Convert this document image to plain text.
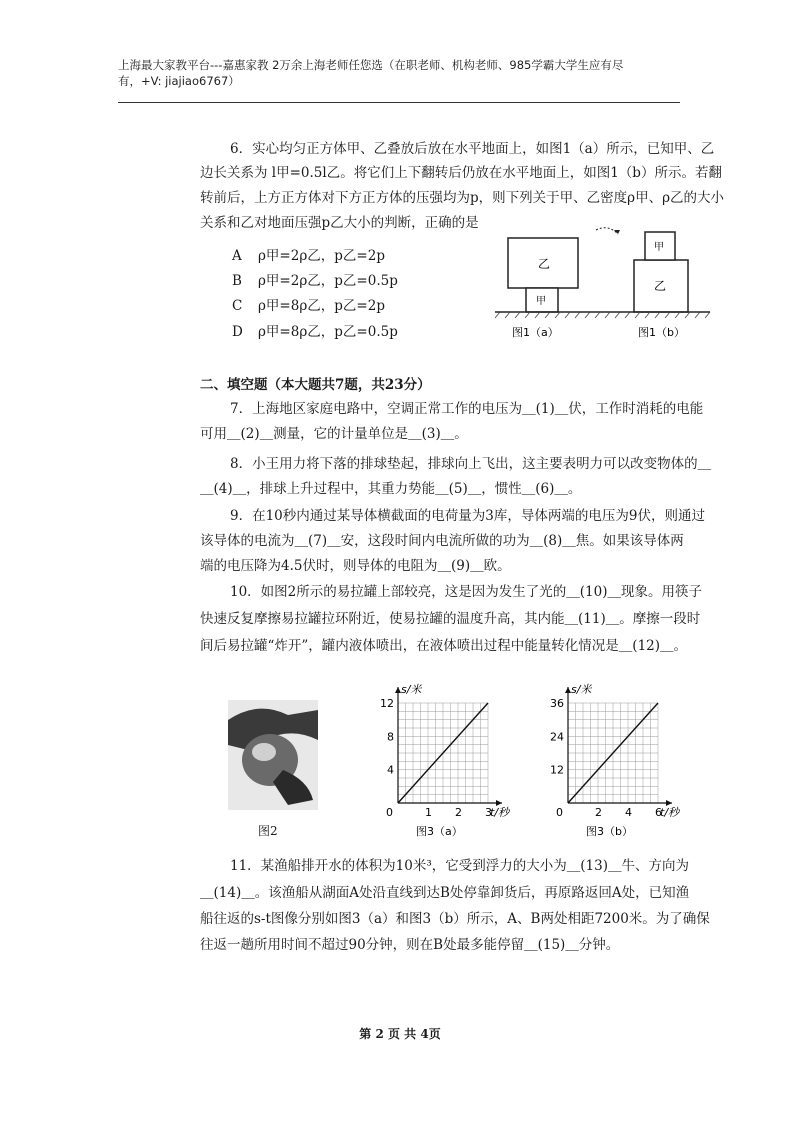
上海最大家教平台---嘉惠家教 2万余上海老师任您选（在职老师、机构老师、985学霸大学生应有尽
有，+V: jiajiao6767）
6．实心均匀正方体甲、乙叠放后放在水平地面上，如图1（a）所示，已知甲、乙
边长关系为 l甲=0.5l乙。将它们上下翻转后仍放在水平地面上，如图1（b）所示。若翻
转前后，上方正方体对下方正方体的压强均为p，则下列关于甲、乙密度ρ甲、ρ乙的大小
关系和乙对地面压强p乙大小的判断，正确的是
A ρ甲=2ρ乙，p乙=2p
B ρ甲=2ρ乙，p乙=0.5p
C ρ甲=8ρ乙，p乙=2p
D ρ甲=8ρ乙，p乙=0.5p
乙
甲
乙
甲
图1（a）	图1（b）
二、填空题（本大题共7题，共23分）
7．上海地区家庭电路中，空调正常工作的电压为＿(1)＿伏，工作时消耗的电能
可用＿(2)＿测量，它的计量单位是＿(3)＿。
8．小王用力将下落的排球垫起，排球向上飞出，这主要表明力可以改变物体的＿
＿(4)＿，排球上升过程中，其重力势能＿(5)＿，惯性＿(6)＿。
9．在10秒内通过某导体横截面的电荷量为3库，导体两端的电压为9伏，则通过
该导体的电流为＿(7)＿安，这段时间内电流所做的功为＿(8)＿焦。如果该导体两
端的电压降为4.5伏时，则导体的电阻为＿(9)＿欧。
10．如图2所示的易拉罐上部较亮，这是因为发生了光的＿(10)＿现象。用筷子
快速反复摩擦易拉罐拉环附近，使易拉罐的温度升高，其内能＿(11)＿。摩擦一段时
间后易拉罐“炸开”，罐内液体喷出，在液体喷出过程中能量转化情况是＿(12)＿。
图2
1 2 3
4
8
12
0	t/秒
s/米
图3（a）
2 4 6
12
24
36
0	t/秒
s/米
图3（b）
11．某渔船排开水的体积为10米³，它受到浮力的大小为＿(13)＿牛、方向为
＿(14)＿。该渔船从湖面A处沿直线到达B处停靠卸货后，再原路返回A处，已知渔
船往返的s-t图像分别如图3（a）和图3（b）所示，A、B两处相距7200米。为了确保
往返一趟所用时间不超过90分钟，则在B处最多能停留＿(15)＿分钟。
第 2 页 共 4页
